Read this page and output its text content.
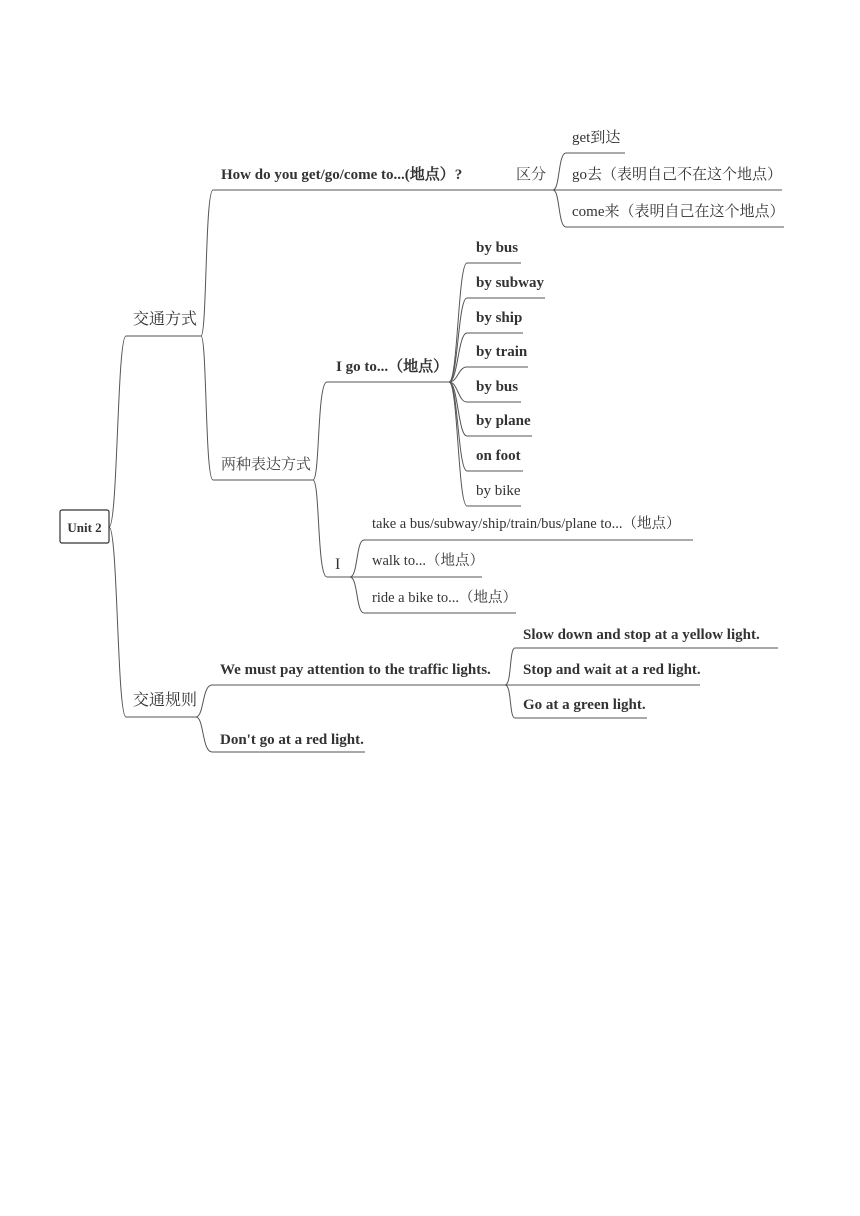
Unit 2
交通方式
交通规则
How do you get/go/come to...(地点）?	区分
get到达
go去（表明自己不在这个地点）
come来（表明自己在这个地点）
两种表达方式
I go to...（地点）
by bus
by subway
by ship
by train
by bus
by plane
on foot
by bike
I
take a bus/subway/ship/train/bus/plane to...（地点）
walk to...（地点）
ride a bike to...（地点）
We must pay attention to the traffic lights.
Slow down and stop at a yellow light.
Stop and wait at a red light.
Go at a green light.
Don't go at a red light.
